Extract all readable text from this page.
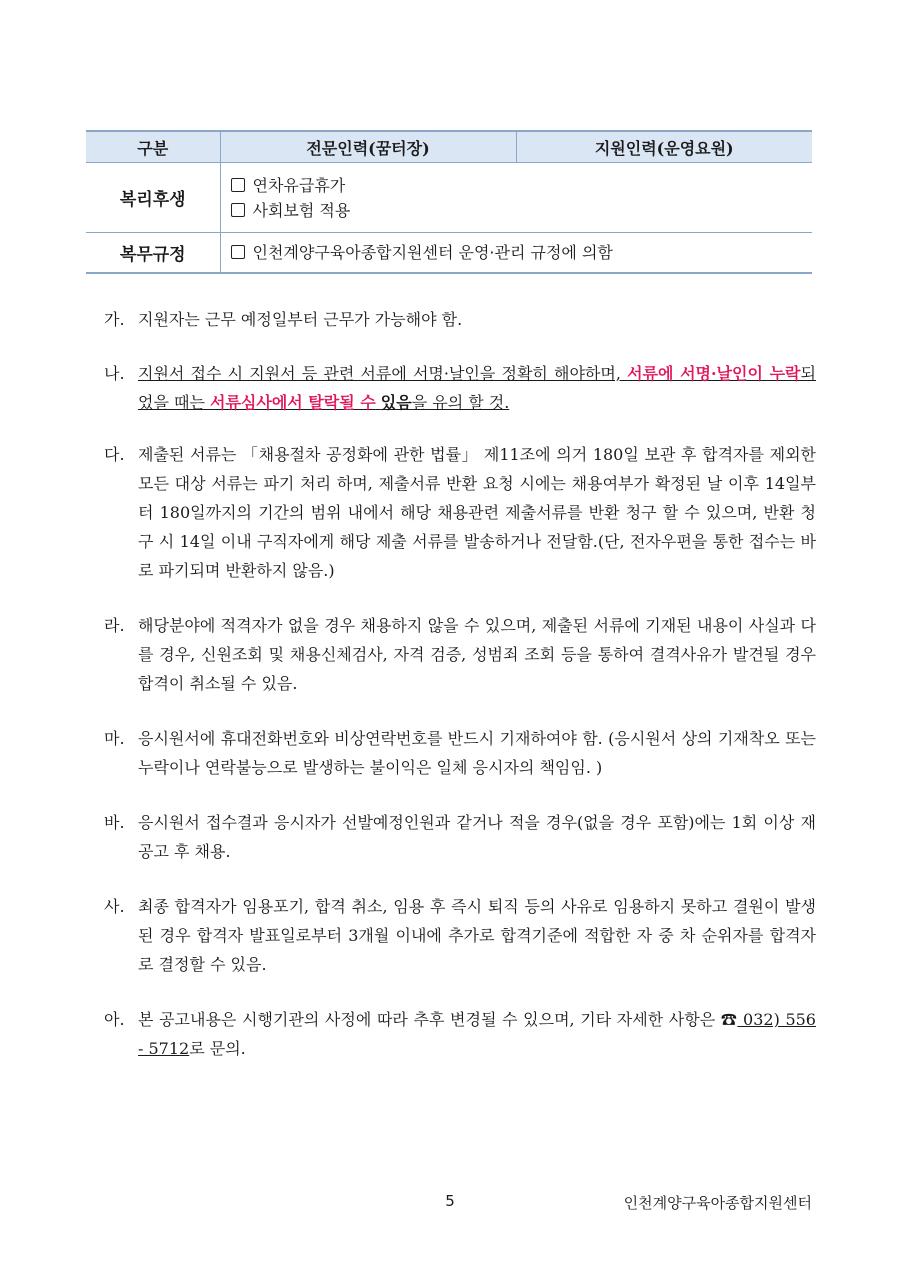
구분	전문인력(꿈터장)	지원인력(운영요원)
복리후생	연차유급휴가
사회보험 적용	

복무규정	인천계양구육아종합지원센터 운영·관리 규정에 의함	
가. 지원자는 근무 예정일부터 근무가 가능해야 함.
나. 지원서 접수 시 지원서 등 관련 서류에 서명·날인을 정확히 해야하며, 서류에 서명·날인이 누락되었을 때는 서류심사에서 탈락될 수 있음을 유의 할 것.
다. 제출된 서류는 「채용절차 공정화에 관한 법률」 제11조에 의거 180일 보관 후 합격자를 제외한 모든 대상 서류는 파기 처리 하며, 제출서류 반환 요청 시에는 채용여부가 확정된 날 이후 14일부터 180일까지의 기간의 범위 내에서 해당 채용관련 제출서류를 반환 청구 할 수 있으며, 반환 청구 시 14일 이내 구직자에게 해당 제출 서류를 발송하거나 전달함.(단, 전자우편을 통한 접수는 바로 파기되며 반환하지 않음.)
라. 해당분야에 적격자가 없을 경우 채용하지 않을 수 있으며, 제출된 서류에 기재된 내용이 사실과 다를 경우, 신원조회 및 채용신체검사, 자격 검증, 성범죄 조회 등을 통하여 결격사유가 발견될 경우 합격이 취소될 수 있음.
마. 응시원서에 휴대전화번호와 비상연락번호를 반드시 기재하여야 함. (응시원서 상의 기재착오 또는 누락이나 연락불능으로 발생하는 불이익은 일체 응시자의 책임임. )
바. 응시원서 접수결과 응시자가 선발예정인원과 같거나 적을 경우(없을 경우 포함)에는 1회 이상 재공고 후 채용.
사. 최종 합격자가 임용포기, 합격 취소, 임용 후 즉시 퇴직 등의 사유로 임용하지 못하고 결원이 발생된 경우 합격자 발표일로부터 3개월 이내에 추가로 합격기준에 적합한 자 중 차 순위자를 합격자로 결정할 수 있음.
아. 본 공고내용은 시행기관의 사정에 따라 추후 변경될 수 있으며, 기타 자세한 사항은 ☎ 032) 556 - 5712로 문의.
5	인천계양구육아종합지원센터
